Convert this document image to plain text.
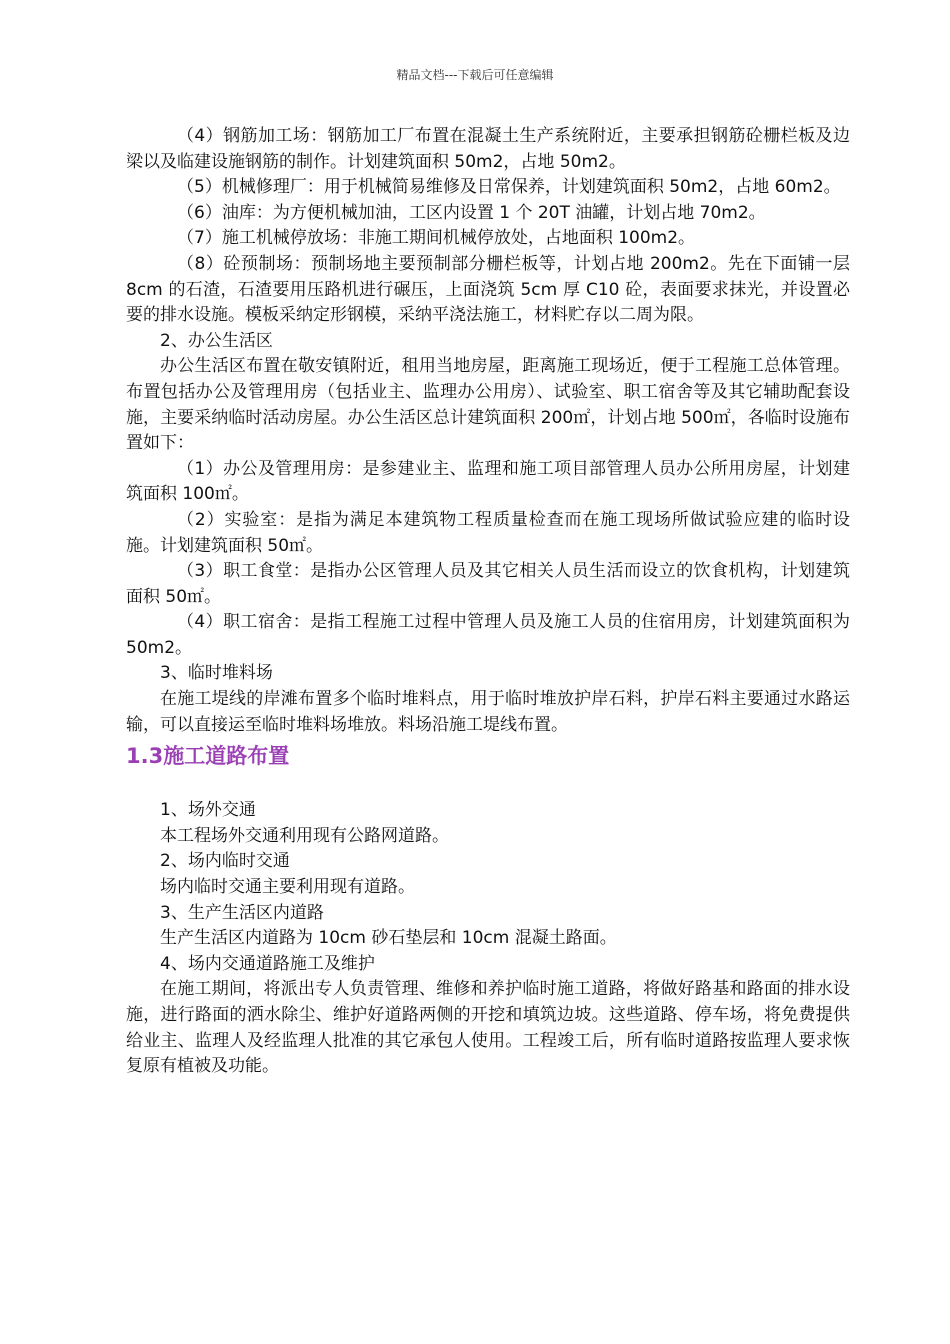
精品文档---下载后可任意编辑

（4）钢筋加工场：钢筋加工厂布置在混凝土生产系统附近，主要承担钢筋砼栅栏板及边梁以及临建设施钢筋的制作。计划建筑面积 50m2，占地 50m2。

（5）机械修理厂：用于机械简易维修及日常保养，计划建筑面积 50m2，占地 60m2。

（6）油库：为方便机械加油，工区内设置 1 个 20T 油罐，计划占地 70m2。

（7）施工机械停放场：非施工期间机械停放处，占地面积 100m2。

（8）砼预制场：预制场地主要预制部分栅栏板等，计划占地 200m2。先在下面铺一层 8cm 的石渣，石渣要用压路机进行碾压，上面浇筑 5cm 厚 C10 砼，表面要求抹光，并设置必要的排水设施。模板采纳定形钢模，采纳平浇法施工，材料贮存以二周为限。

2、办公生活区

办公生活区布置在敬安镇附近，租用当地房屋，距离施工现场近，便于工程施工总体管理。布置包括办公及管理用房（包括业主、监理办公用房）、试验室、职工宿舍等及其它辅助配套设施，主要采纳临时活动房屋。办公生活区总计建筑面积 200㎡，计划占地 500㎡，各临时设施布置如下：

（1）办公及管理用房：是参建业主、监理和施工项目部管理人员办公所用房屋，计划建筑面积 100㎡。

（2）实验室：是指为满足本建筑物工程质量检查而在施工现场所做试验应建的临时设施。计划建筑面积 50㎡。

（3）职工食堂：是指办公区管理人员及其它相关人员生活而设立的饮食机构，计划建筑面积 50㎡。

（4）职工宿舍：是指工程施工过程中管理人员及施工人员的住宿用房，计划建筑面积为 50m2。

3、临时堆料场

在施工堤线的岸滩布置多个临时堆料点，用于临时堆放护岸石料，护岸石料主要通过水路运输，可以直接运至临时堆料场堆放。料场沿施工堤线布置。

1.3施工道路布置

1、场外交通

本工程场外交通利用现有公路网道路。

2、场内临时交通

场内临时交通主要利用现有道路。

3、生产生活区内道路

生产生活区内道路为 10cm 砂石垫层和 10cm 混凝土路面。

4、场内交通道路施工及维护

在施工期间，将派出专人负责管理、维修和养护临时施工道路，将做好路基和路面的排水设施，进行路面的洒水除尘、维护好道路两侧的开挖和填筑边坡。这些道路、停车场，将免费提供给业主、监理人及经监理人批准的其它承包人使用。工程竣工后，所有临时道路按监理人要求恢复原有植被及功能。
